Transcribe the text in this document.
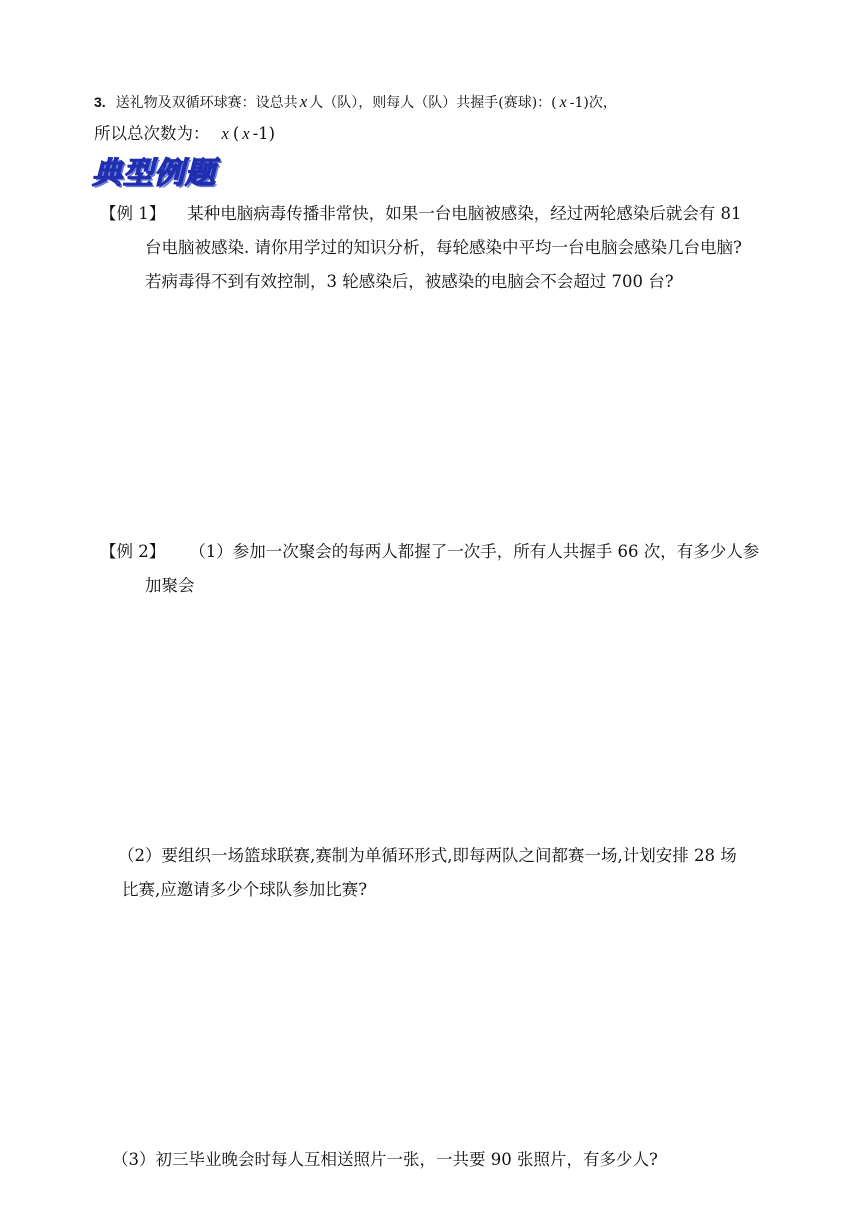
3. 送礼物及双循环球赛：设总共 x 人（队），则每人（队）共握手(赛球)：( x -1)次，
所以总次数为： x ( x -1)
典型例题
【例 1】 某种电脑病毒传播非常快，如果一台电脑被感染，经过两轮感染后就会有 81
台电脑被感染. 请你用学过的知识分析，每轮感染中平均一台电脑会感染几台电脑?
若病毒得不到有效控制，3 轮感染后，被感染的电脑会不会超过 700 台?
【例 2】 （1）参加一次聚会的每两人都握了一次手，所有人共握手 66 次，有多少人参
加聚会
（2）要组织一场篮球联赛,赛制为单循环形式,即每两队之间都赛一场,计划安排 28 场
比赛,应邀请多少个球队参加比赛?
（3）初三毕业晚会时每人互相送照片一张，一共要 90 张照片，有多少人?
